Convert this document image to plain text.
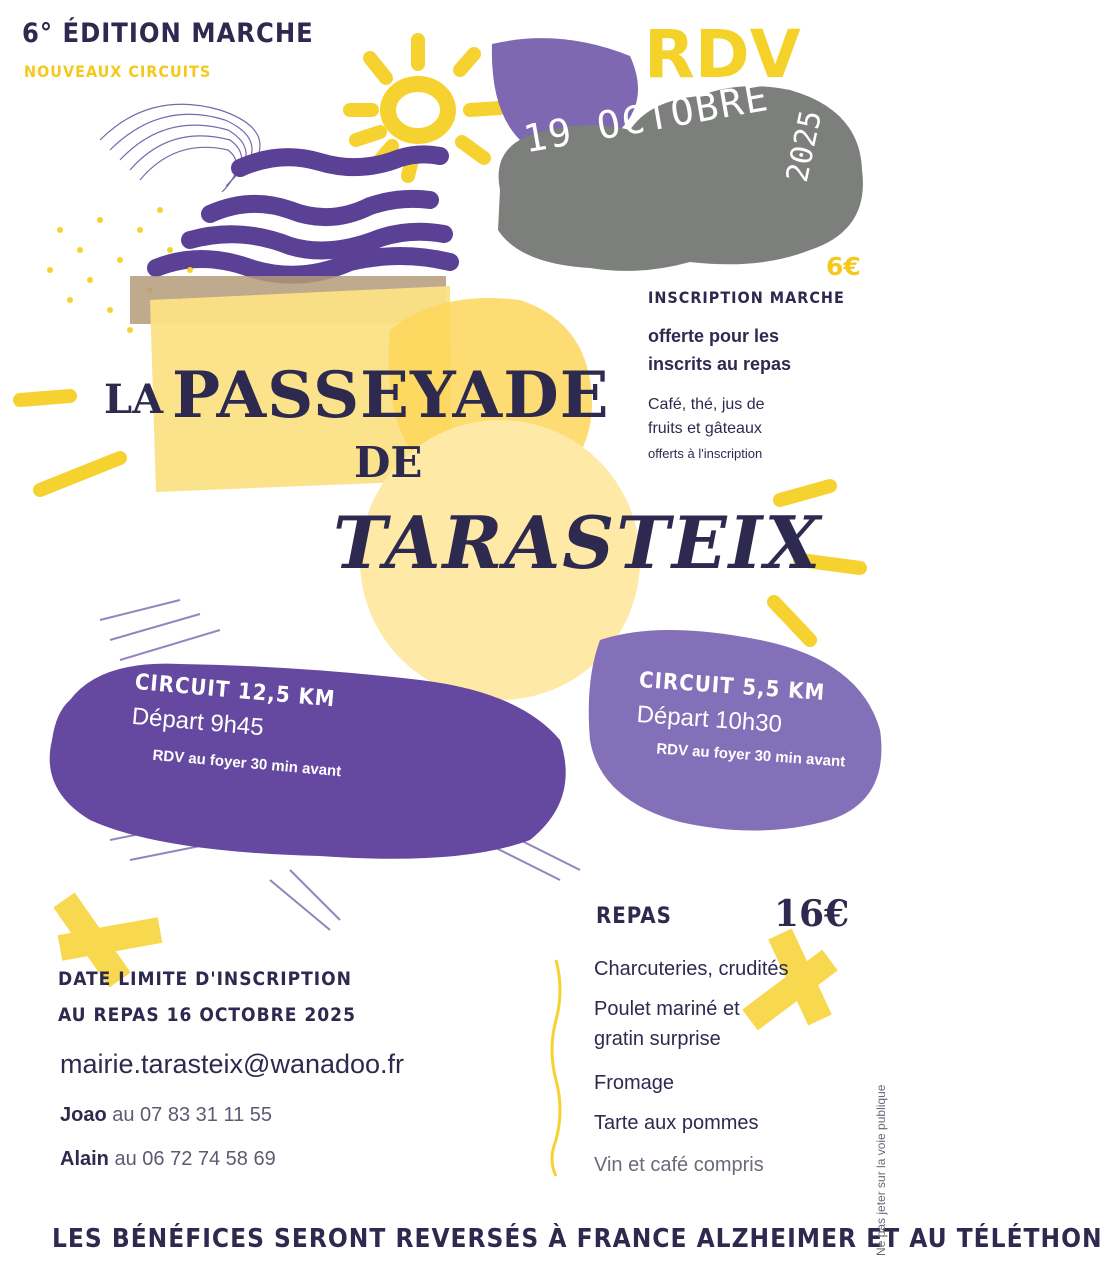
6° ÉDITION MARCHE
NOUVEAUX CIRCUITS	RDV
19 OCTOBRE 2025
6€
INSCRIPTION MARCHE
offerte pour les
inscrits au repas
Café, thé, jus de
fruits et gâteaux
offerts à l'inscription
LA PASSEYADE
DE
TARASTEIX
CIRCUIT 12,5 KM
Départ 9h45
RDV au foyer 30 min avant
CIRCUIT 5,5 KM
Départ 10h30
RDV au foyer 30 min avant
DATE LIMITE D'INSCRIPTION
AU REPAS 16 OCTOBRE 2025
mairie.tarasteix@wanadoo.fr
Joao au 07 83 31 11 55
Alain au 06 72 74 58 69
REPAS	16€
Charcuteries, crudités
Poulet mariné et
gratin surprise
Fromage
Tarte aux pommes
Vin et café compris
LES BÉNÉFICES SERONT REVERSÉS À FRANCE ALZHEIMER ET AU TÉLÉTHON
Ne pas jeter sur la voie publique
